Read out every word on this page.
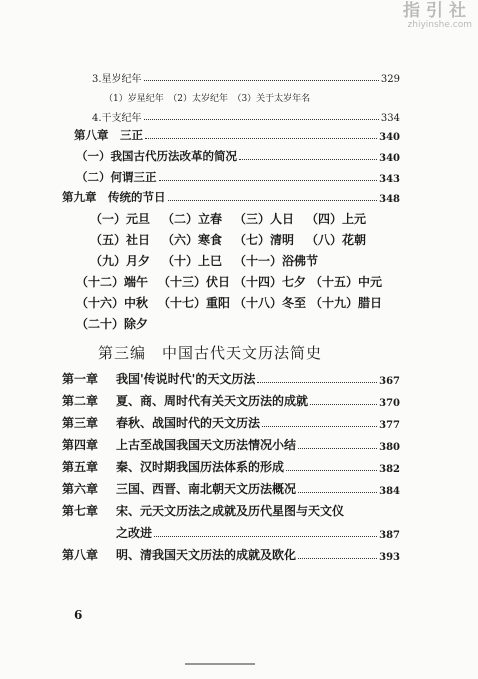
指引社
zhiyinshe.com
3.星岁纪年	329
（1）岁星纪年　（2）太岁纪年　（3）关于太岁年名
4.干支纪年	334
第八章　三正	340
（一）我国古代历法改革的简况	340
（二）何谓三正	343
第九章　传统的节日	348
（一）元旦 （二）立春 （三）人日 （四）上元
（五）社日 （六）寒食 （七）清明 （八）花朝
（九）月夕 （十）上巳 （十一）浴佛节
（十二）端午 （十三）伏日 （十四）七夕 （十五）中元
（十六）中秋 （十七）重阳 （十八）冬至 （十九）腊日
（二十）除夕
第三编　中国古代天文历法简史
第一章	我国'传说时代'的天文历法	367
第二章	夏、商、周时代有关天文历法的成就	370
第三章	春秋、战国时代的天文历法	377
第四章	上古至战国我国天文历法情况小结	380
第五章	秦、汉时期我国历法体系的形成	382
第六章	三国、西晋、南北朝天文历法概况	384
第七章	宋、元天文历法之成就及历代星图与天文仪
之改进	387
第八章	明、清我国天文历法的成就及欧化	393
6
